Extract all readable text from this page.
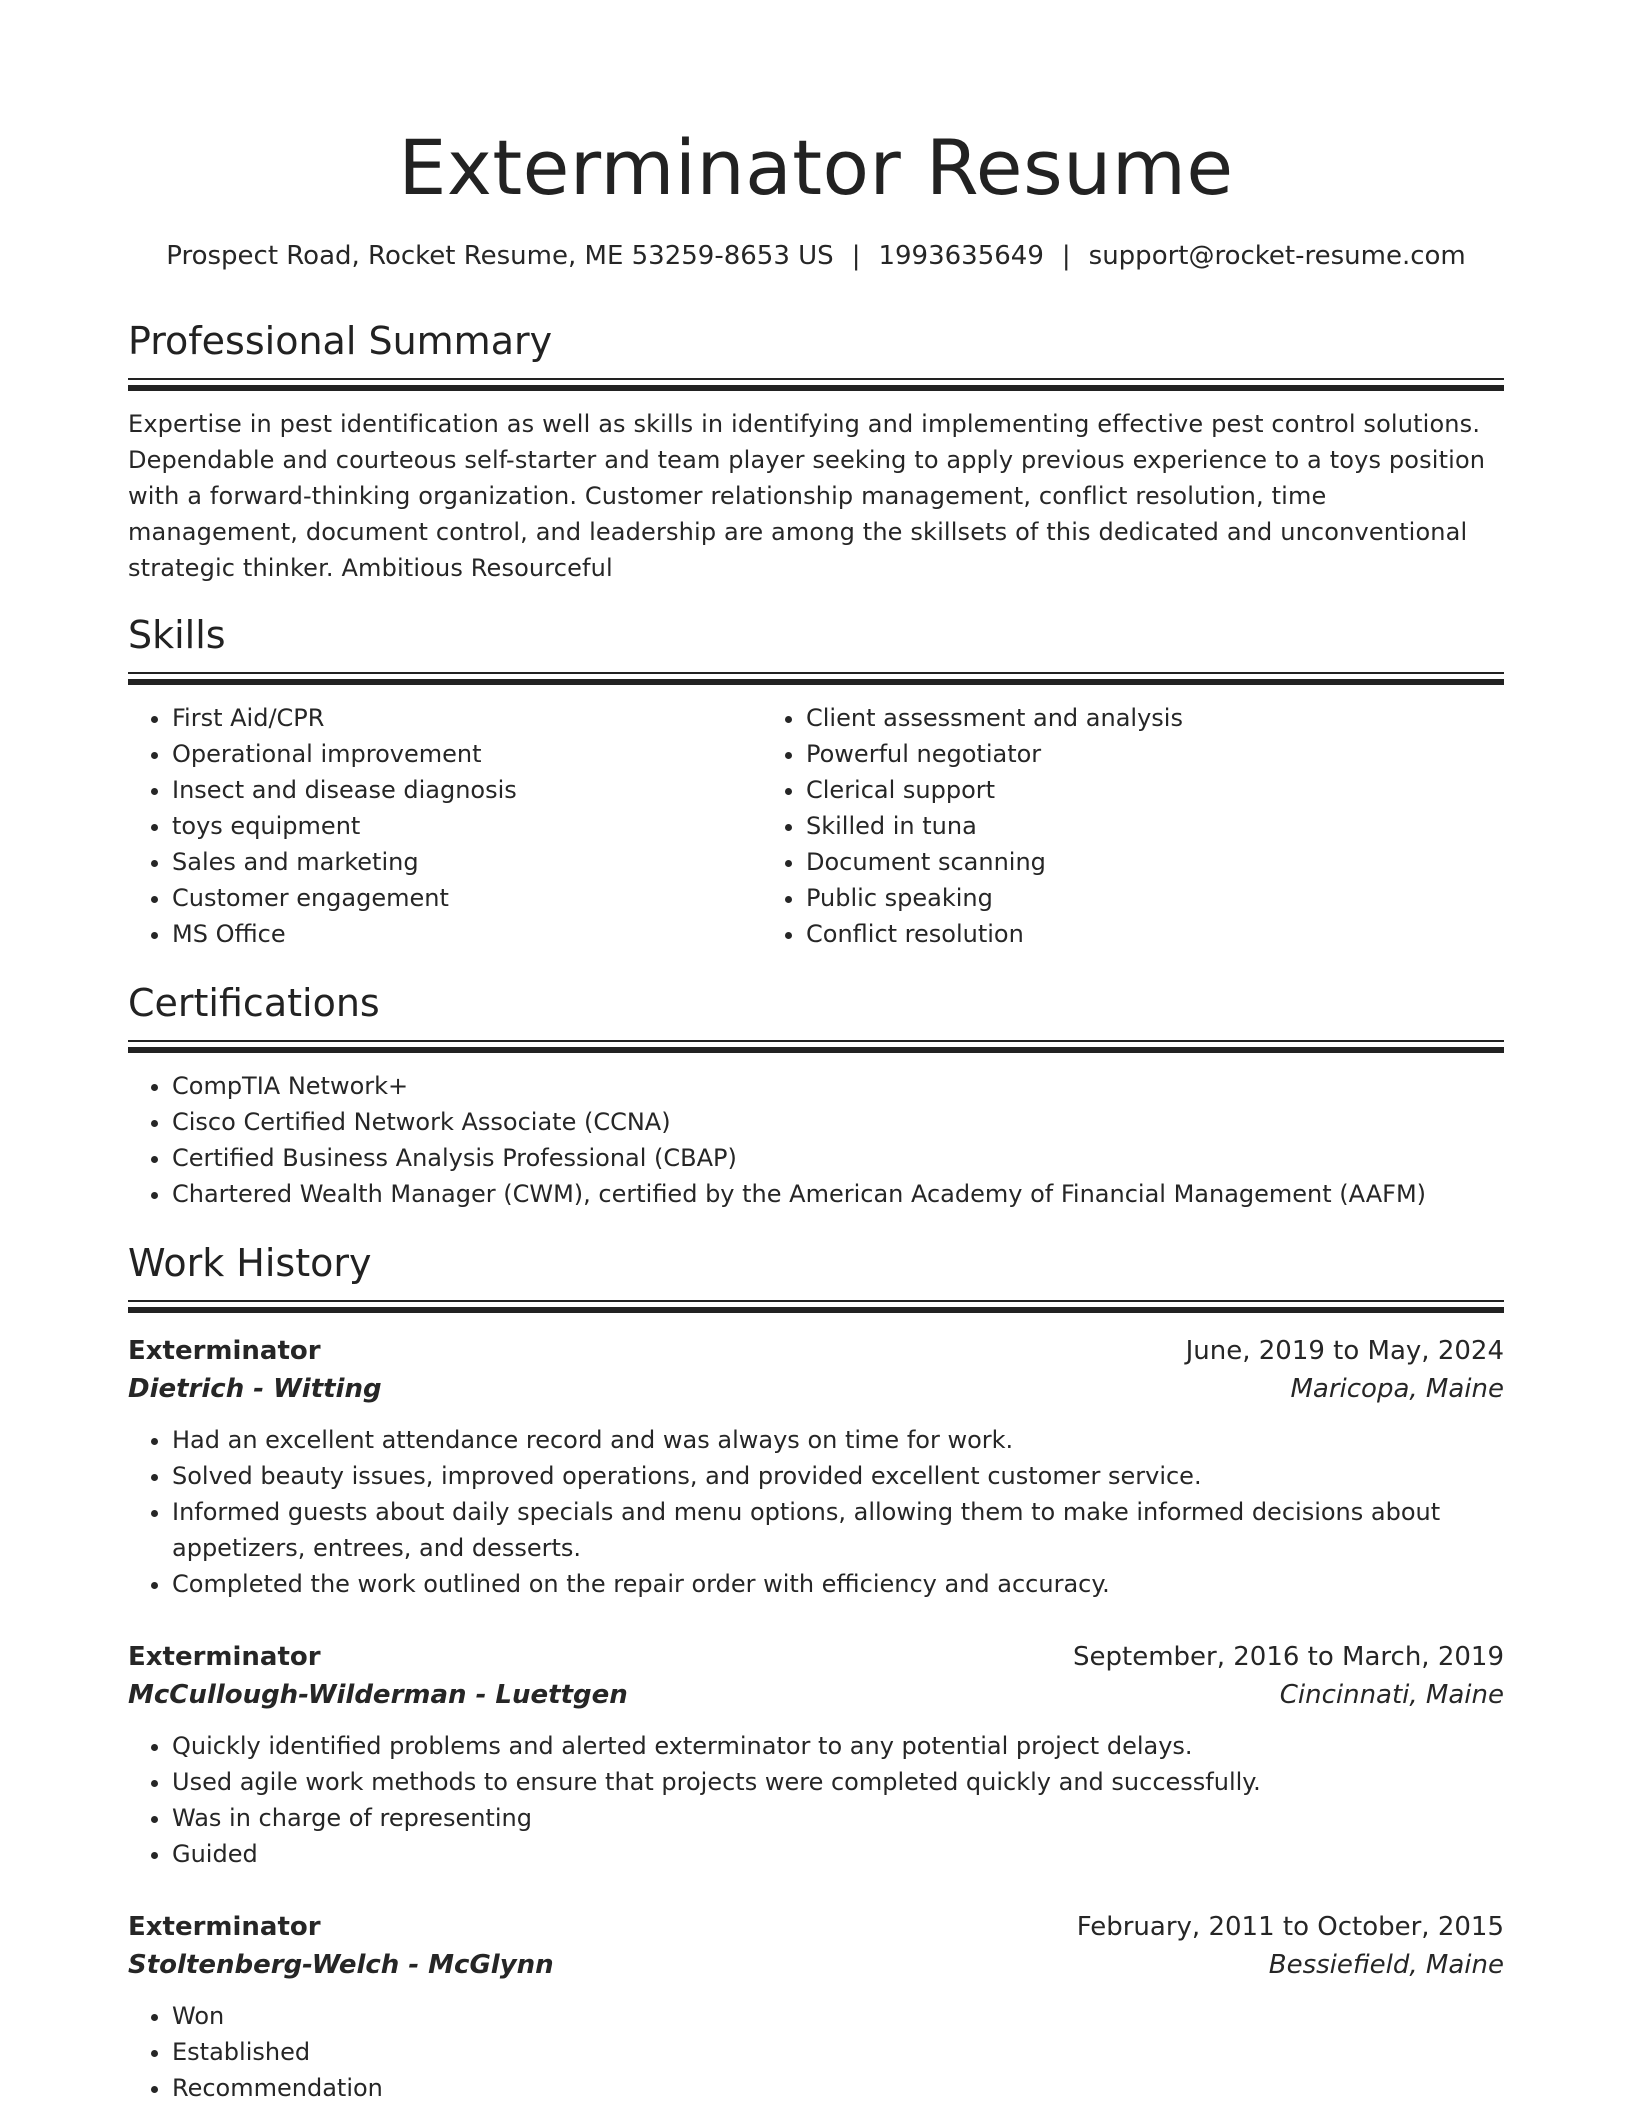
Exterminator Resume
Prospect Road, Rocket Resume, ME 53259-8653 US | 1993635649 | support@rocket-resume.com
Professional Summary
Expertise in pest identification as well as skills in identifying and implementing effective pest control solutions. Dependable and courteous self-starter and team player seeking to apply previous experience to a toys position with a forward-thinking organization. Customer relationship management, conflict resolution, time management, document control, and leadership are among the skillsets of this dedicated and unconventional strategic thinker. Ambitious Resourceful
Skills
• First Aid/CPR
• Operational improvement
• Insect and disease diagnosis
• toys equipment
• Sales and marketing
• Customer engagement
• MS Office
• Client assessment and analysis
• Powerful negotiator
• Clerical support
• Skilled in tuna
• Document scanning
• Public speaking
• Conflict resolution
Certifications
• CompTIA Network+
• Cisco Certified Network Associate (CCNA)
• Certified Business Analysis Professional (CBAP)
• Chartered Wealth Manager (CWM), certified by the American Academy of Financial Management (AAFM)
Work History
Exterminator	June, 2019 to May, 2024
Dietrich - Witting	Maricopa, Maine
• Had an excellent attendance record and was always on time for work.
• Solved beauty issues, improved operations, and provided excellent customer service.
• Informed guests about daily specials and menu options, allowing them to make informed decisions about appetizers, entrees, and desserts.
• Completed the work outlined on the repair order with efficiency and accuracy.
Exterminator	September, 2016 to March, 2019
McCullough-Wilderman - Luettgen	Cincinnati, Maine
• Quickly identified problems and alerted exterminator to any potential project delays.
• Used agile work methods to ensure that projects were completed quickly and successfully.
• Was in charge of representing
• Guided
Exterminator	February, 2011 to October, 2015
Stoltenberg-Welch - McGlynn	Bessiefield, Maine
• Won
• Established
• Recommendation
